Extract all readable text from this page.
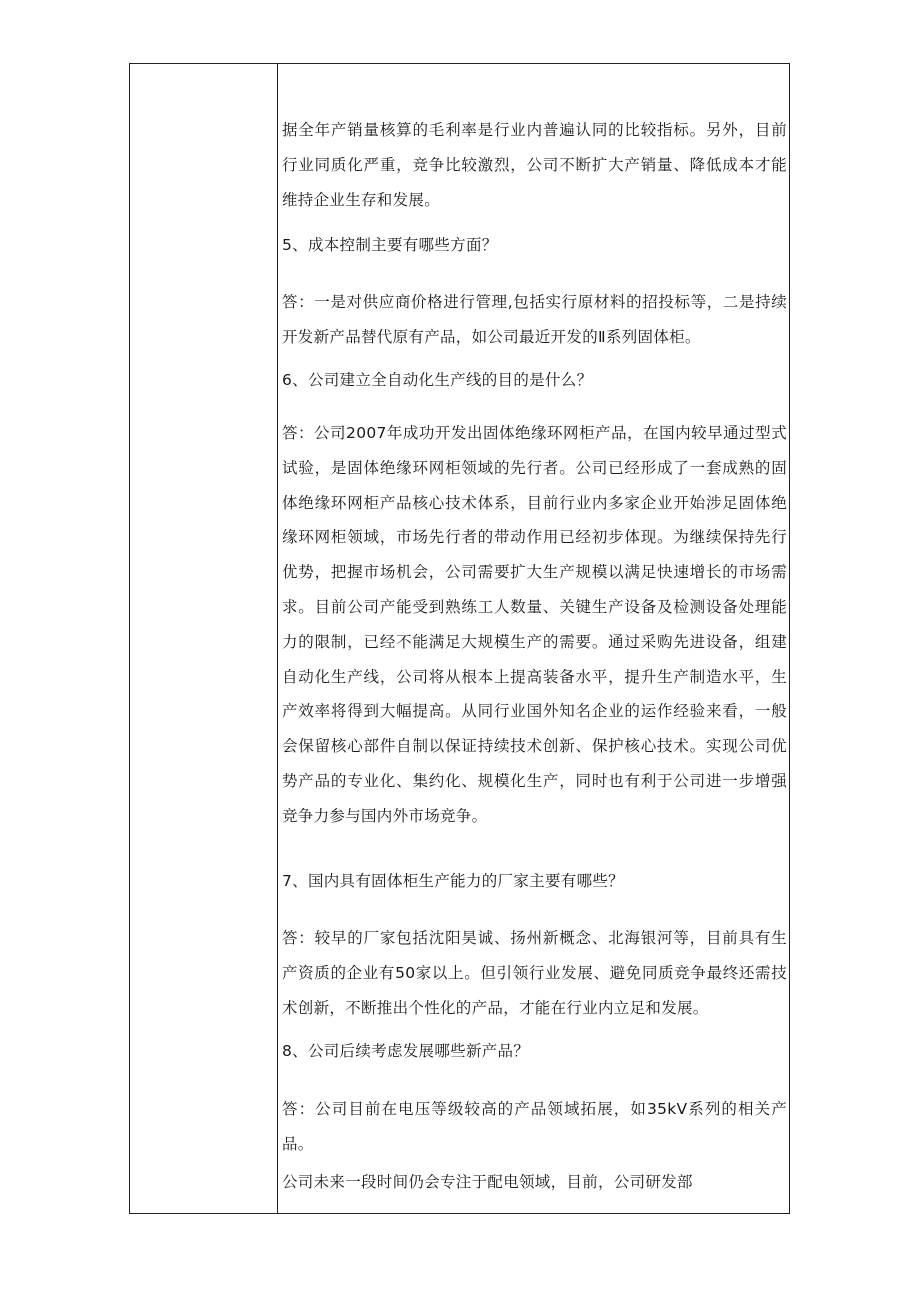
据全年产销量核算的毛利率是行业内普遍认同的比较指标。另外，目前行业同质化严重，竞争比较激烈，公司不断扩大产销量、降低成本才能维持企业生存和发展。
5、成本控制主要有哪些方面？
答：一是对供应商价格进行管理,包括实行原材料的招投标等，二是持续开发新产品替代原有产品，如公司最近开发的Ⅱ系列固体柜。
6、公司建立全自动化生产线的目的是什么？
答：公司2007年成功开发出固体绝缘环网柜产品，在国内较早通过型式试验，是固体绝缘环网柜领域的先行者。公司已经形成了一套成熟的固体绝缘环网柜产品核心技术体系，目前行业内多家企业开始涉足固体绝缘环网柜领域，市场先行者的带动作用已经初步体现。为继续保持先行优势，把握市场机会，公司需要扩大生产规模以满足快速增长的市场需求。目前公司产能受到熟练工人数量、关键生产设备及检测设备处理能力的限制，已经不能满足大规模生产的需要。通过采购先进设备，组建自动化生产线，公司将从根本上提高装备水平，提升生产制造水平，生产效率将得到大幅提高。从同行业国外知名企业的运作经验来看，一般会保留核心部件自制以保证持续技术创新、保护核心技术。实现公司优势产品的专业化、集约化、规模化生产，同时也有利于公司进一步增强竞争力参与国内外市场竞争。
7、国内具有固体柜生产能力的厂家主要有哪些？
答：较早的厂家包括沈阳昊诚、扬州新概念、北海银河等，目前具有生产资质的企业有50家以上。但引领行业发展、避免同质竞争最终还需技术创新，不断推出个性化的产品，才能在行业内立足和发展。
8、公司后续考虑发展哪些新产品？
答：公司目前在电压等级较高的产品领域拓展，如35kV系列的相关产品。
公司未来一段时间仍会专注于配电领域，目前，公司研发部
